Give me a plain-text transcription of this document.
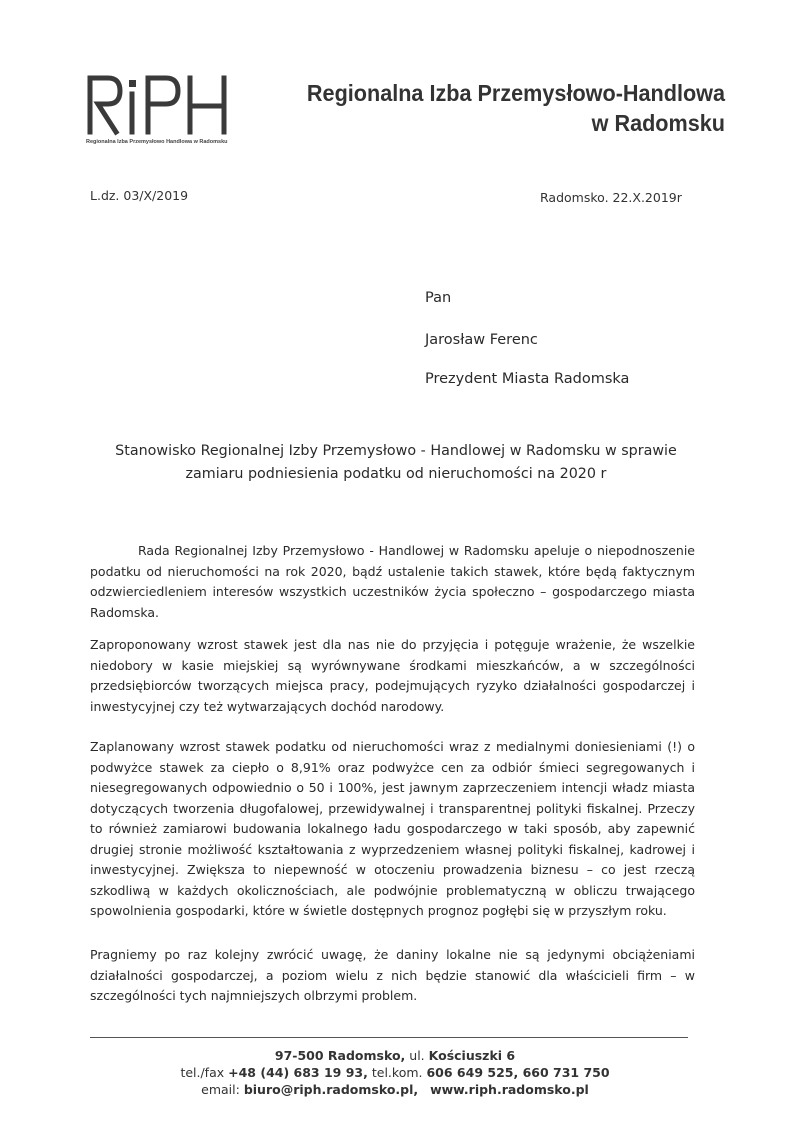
Regionalna Izba Przemysłowo Handlowa w Radomsku
Regionalna Izba Przemysłowo-Handlowa
w Radomsku
L.dz. 03/X/2019	Radomsko. 22.X.2019r
Pan
Jarosław Ferenc
Prezydent Miasta Radomska
Stanowisko Regionalnej Izby Przemysłowo - Handlowej w Radomsku w sprawie
zamiaru podniesienia podatku od nieruchomości na 2020 r
Rada Regionalnej Izby Przemysłowo - Handlowej w Radomsku apeluje o niepodnoszenie podatku od nieruchomości na rok 2020, bądź ustalenie takich stawek, które będą faktycznym odzwierciedleniem interesów wszystkich uczestników życia społeczno – gospodarczego miasta Radomska.
Zaproponowany wzrost stawek jest dla nas nie do przyjęcia i potęguje wrażenie, że wszelkie niedobory w kasie miejskiej są wyrównywane środkami mieszkańców, a w szczególności przedsiębiorców tworzących miejsca pracy, podejmujących ryzyko działalności gospodarczej i inwestycyjnej czy też wytwarzających dochód narodowy.
Zaplanowany wzrost stawek podatku od nieruchomości wraz z medialnymi doniesieniami (!) o podwyżce stawek za ciepło o 8,91% oraz podwyżce cen za odbiór śmieci segregowanych i niesegregowanych odpowiednio o 50 i 100%, jest jawnym zaprzeczeniem intencji władz miasta dotyczących tworzenia długofalowej, przewidywalnej i transparentnej polityki fiskalnej. Przeczy to również zamiarowi budowania lokalnego ładu gospodarczego w taki sposób, aby zapewnić drugiej stronie możliwość kształtowania z wyprzedzeniem własnej polityki fiskalnej, kadrowej i inwestycyjnej. Zwiększa to niepewność w otoczeniu prowadzenia biznesu – co jest rzeczą szkodliwą w każdych okolicznościach, ale podwójnie problematyczną w obliczu trwającego spowolnienia gospodarki, które w świetle dostępnych prognoz pogłębi się w przyszłym roku.
Pragniemy po raz kolejny zwrócić uwagę, że daniny lokalne nie są jedynymi obciążeniami działalności gospodarczej, a poziom wielu z nich będzie stanowić dla właścicieli firm – w szczególności tych najmniejszych olbrzymi problem.
97-500 Radomsko, ul. Kościuszki 6
tel./fax +48 (44) 683 19 93, tel.kom. 606 649 525, 660 731 750
email: biuro@riph.radomsko.pl, www.riph.radomsko.pl
